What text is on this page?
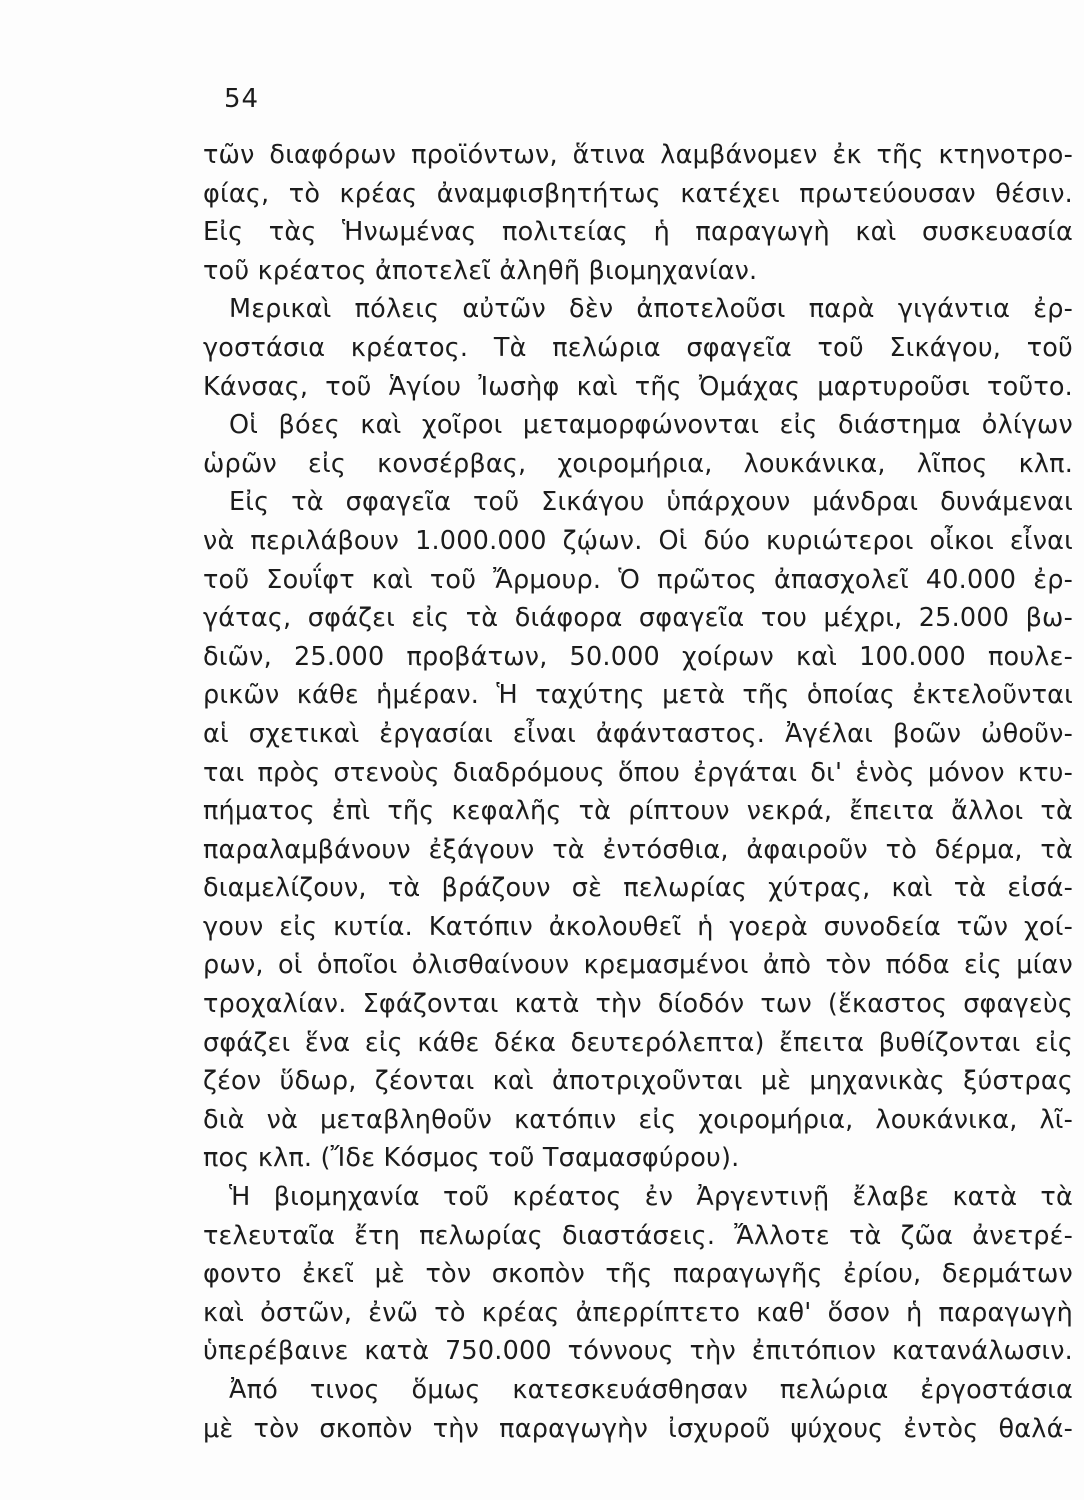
54
τῶν διαφόρων προϊόντων, ἅτινα λαμβάνομεν ἐκ τῆς κτηνοτρο-
φίας, τὸ κρέας ἀναμφισβητήτως κατέχει πρωτεύουσαν θέσιν.
Εἰς τὰς Ἡνωμένας πολιτείας ἡ παραγωγὴ καὶ συσκευασία
τοῦ κρέατος ἀποτελεῖ ἀληθῆ βιομηχανίαν.
Μερικαὶ πόλεις αὐτῶν δὲν ἀποτελοῦσι παρὰ γιγάντια ἐρ-
γοστάσια κρέατος. Τὰ πελώρια σφαγεῖα τοῦ Σικάγου, τοῦ
Κάνσας, τοῦ Ἁγίου Ἰωσὴφ καὶ τῆς Ὀμάχας μαρτυροῦσι τοῦτο.
Οἱ βόες καὶ χοῖροι μεταμορφώνονται εἰς διάστημα ὀλίγων
ὡρῶν εἰς κονσέρβας, χοιρομήρια, λουκάνικα, λῖπος κλπ.
Εἰς τὰ σφαγεῖα τοῦ Σικάγου ὑπάρχουν μάνδραι δυνάμεναι
νὰ περιλάβουν 1.000.000 ζῴων. Οἱ δύο κυριώτεροι οἶκοι εἶναι
τοῦ Σουΐφτ καὶ τοῦ Ἄρμουρ. Ὁ πρῶτος ἀπασχολεῖ 40.000 ἐρ-
γάτας, σφάζει εἰς τὰ διάφορα σφαγεῖα του μέχρι, 25.000 βω-
διῶν, 25.000 προβάτων, 50.000 χοίρων καὶ 100.000 πουλε-
ρικῶν κάθε ἡμέραν. Ἡ ταχύτης μετὰ τῆς ὁποίας ἐκτελοῦνται
αἱ σχετικαὶ ἐργασίαι εἶναι ἀφάνταστος. Ἀγέλαι βοῶν ὠθοῦν-
ται πρὸς στενοὺς διαδρόμους ὅπου ἐργάται δι' ἑνὸς μόνον κτυ-
πήματος ἐπὶ τῆς κεφαλῆς τὰ ρίπτουν νεκρά, ἔπειτα ἄλλοι τὰ
παραλαμβάνουν ἐξάγουν τὰ ἐντόσθια, ἀφαιροῦν τὸ δέρμα, τὰ
διαμελίζουν, τὰ βράζουν σὲ πελωρίας χύτρας, καὶ τὰ εἰσά-
γουν εἰς κυτία. Κατόπιν ἀκολουθεῖ ἡ γοερὰ συνοδεία τῶν χοί-
ρων, οἱ ὁποῖοι ὀλισθαίνουν κρεμασμένοι ἀπὸ τὸν πόδα εἰς μίαν
τροχαλίαν. Σφάζονται κατὰ τὴν δίοδόν των (ἕκαστος σφαγεὺς
σφάζει ἕνα εἰς κάθε δέκα δευτερόλεπτα) ἔπειτα βυθίζονται εἰς
ζέον ὕδωρ, ζέονται καὶ ἀποτριχοῦνται μὲ μηχανικὰς ξύστρας
διὰ νὰ μεταβληθοῦν κατόπιν εἰς χοιρομήρια, λουκάνικα, λῖ-
πος κλπ. (Ἴδε Κόσμος τοῦ Τσαμασφύρου).
Ἡ βιομηχανία τοῦ κρέατος ἐν Ἀργεντινῇ ἔλαβε κατὰ τὰ
τελευταῖα ἔτη πελωρίας διαστάσεις. Ἄλλοτε τὰ ζῶα ἀνετρέ-
φοντο ἐκεῖ μὲ τὸν σκοπὸν τῆς παραγωγῆς ἐρίου, δερμάτων
καὶ ὀστῶν, ἐνῶ τὸ κρέας ἀπερρίπτετο καθ' ὅσον ἡ παραγωγὴ
ὑπερέβαινε κατὰ 750.000 τόννους τὴν ἐπιτόπιον κατανάλωσιν.
Ἀπό τινος ὅμως κατεσκευάσθησαν πελώρια ἐργοστάσια
μὲ τὸν σκοπὸν τὴν παραγωγὴν ἰσχυροῦ ψύχους ἐντὸς θαλά-
